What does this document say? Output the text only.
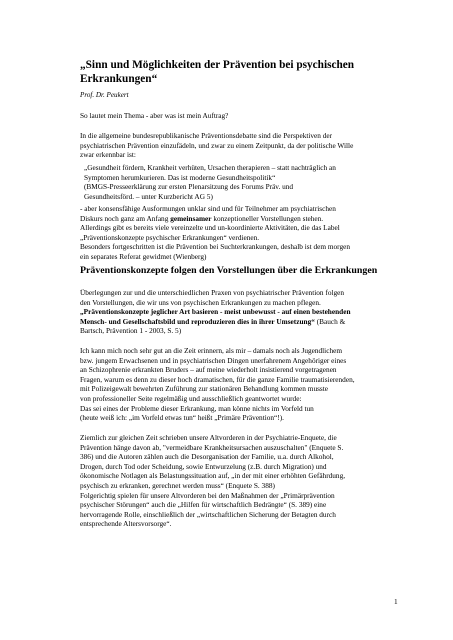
„Sinn und Möglichkeiten der Prävention bei psychischen
Erkrankungen“
Prof. Dr. Peukert
So lautet mein Thema - aber was ist mein Auftrag?
In die allgemeine bundesrepublikanische Präventionsdebatte sind die Perspektiven der
psychiatrischen Prävention einzufädeln, und zwar zu einem Zeitpunkt, da der politische Wille
zwar erkennbar ist:
„Gesundheit fördern, Krankheit verhüten, Ursachen therapieren – statt nachträglich an
Symptomen herumkurieren. Das ist moderne Gesundheitspolitik“
(BMGS-Presseerklärung zur ersten Plenarsitzung des Forums Präv. und
Gesundheitsförd. – unter Kurzbericht AG 5)
- aber konsensfähige Ausformungen unklar sind und für Teilnehmer am psychiatrischen
Diskurs noch ganz am Anfang gemeinsamer konzeptioneller Vorstellungen stehen.
Allerdings gibt es bereits viele vereinzelte und un-koordinierte Aktivitäten, die das Label
„Präventionskonzepte psychischer Erkrankungen“ verdienen.
Besonders fortgeschritten ist die Prävention bei Suchterkrankungen, deshalb ist dem morgen
ein separates Referat gewidmet (Wienberg)
Präventionskonzepte folgen den Vorstellungen über die Erkrankungen
Überlegungen zur und die unterschiedlichen Praxen von psychiatrischer Prävention folgen
den Vorstellungen, die wir uns von psychischen Erkrankungen zu machen pflegen.
„Präventionskonzepte jeglicher Art basieren - meist unbewusst - auf einen bestehenden
Mensch- und Gesellschaftsbild und reproduzieren dies in ihrer Umsetzung“ (Bauch &
Bartsch, Prävention 1 - 2003, S. 5)
Ich kann mich noch sehr gut an die Zeit erinnern, als mir – damals noch als Jugendlichem
bzw. jungem Erwachsenen und in psychiatrischen Dingen unerfahrenem Angehöriger eines
an Schizophrenie erkrankten Bruders – auf meine wiederholt insistierend vorgetragenen
Fragen, warum es denn zu dieser hoch dramatischen, für die ganze Familie traumatisierenden,
mit Polizeigewalt bewehrten Zuführung zur stationären Behandlung kommen musste
von professioneller Seite regelmäßig und ausschließlich geantwortet wurde:
Das sei eines der Probleme dieser Erkrankung, man könne nichts im Vorfeld tun
(heute weiß ich: „im Vorfeld etwas tun“ heißt „Primäre Prävention“!).
Ziemlich zur gleichen Zeit schrieben unsere Altvorderen in der Psychiatrie-Enquete, die
Prävention hänge davon ab, "vermeidbare Krankheitsursachen auszuschalten" (Enquete S.
386) und die Autoren zählen auch die Desorganisation der Familie, u.a. durch Alkohol,
Drogen, durch Tod oder Scheidung, sowie Entwurzelung (z.B. durch Migration) und
ökonomische Notlagen als Belastungssituation auf, „in der mit einer erhöhten Gefährdung,
psychisch zu erkranken, gerechnet werden muss“ (Enquete S. 388)
Folgerichtig spielen für unsere Altvorderen bei den Maßnahmen der „Primärprävention
psychischer Störungen“ auch die „Hilfen für wirtschaftlich Bedrängte“ (S. 389) eine
hervorragende Rolle, einschließlich der „wirtschaftlichen Sicherung der Betagten durch
entsprechende Altersvorsorge“.
1
